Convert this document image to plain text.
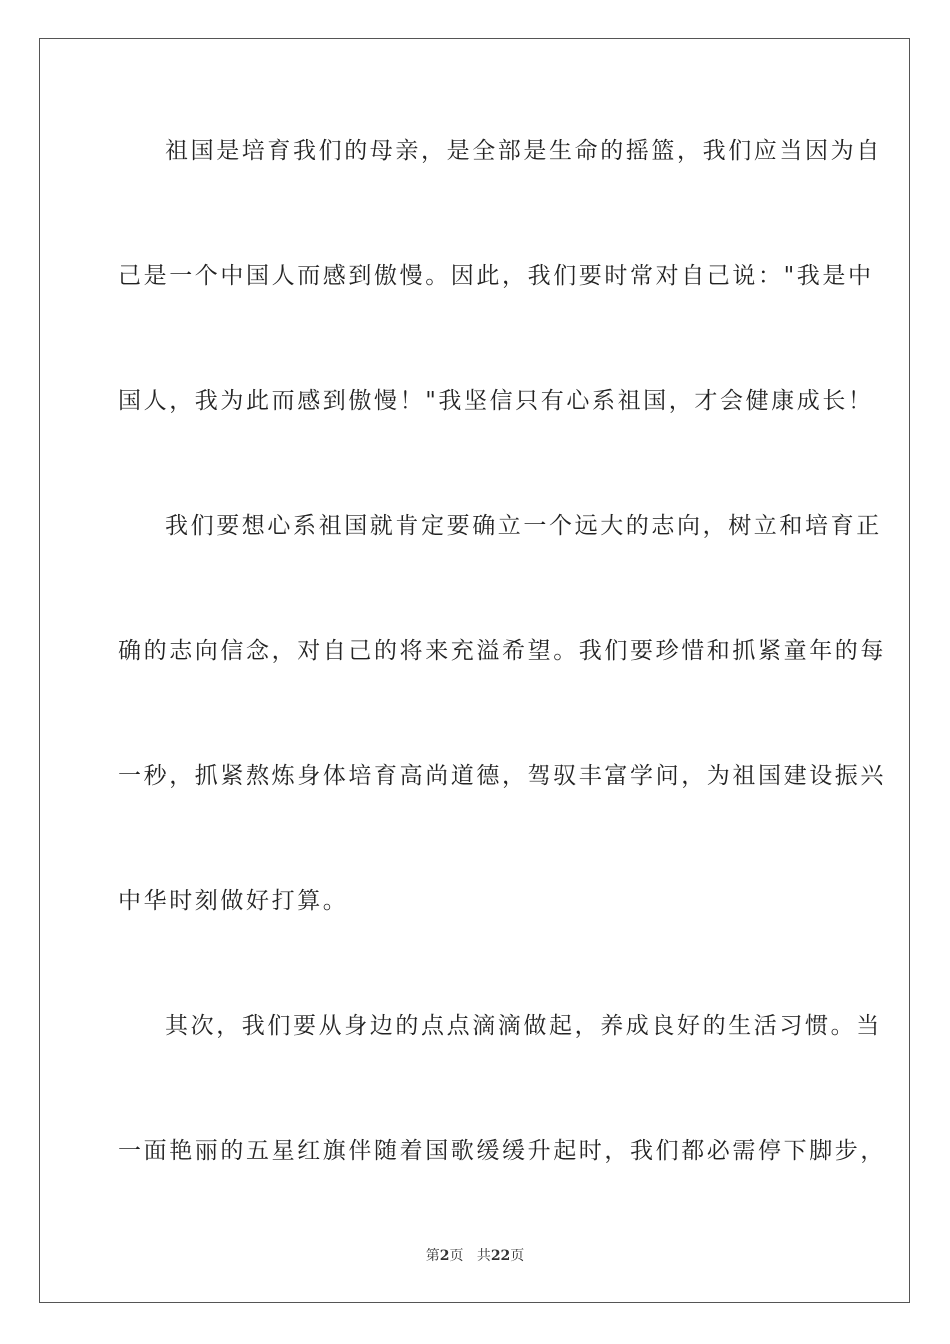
祖国是培育我们的母亲，是全部是生命的摇篮，我们应当因为自
己是一个中国人而感到傲慢。因此，我们要时常对自己说："我是中
国人，我为此而感到傲慢！"我坚信只有心系祖国，才会健康成长！
我们要想心系祖国就肯定要确立一个远大的志向，树立和培育正
确的志向信念，对自己的将来充溢希望。我们要珍惜和抓紧童年的每
一秒，抓紧熬炼身体培育高尚道德，驾驭丰富学问，为祖国建设振兴
中华时刻做好打算。
其次，我们要从身边的点点滴滴做起，养成良好的生活习惯。当
一面艳丽的五星红旗伴随着国歌缓缓升起时，我们都必需停下脚步，
第2页 共22页
